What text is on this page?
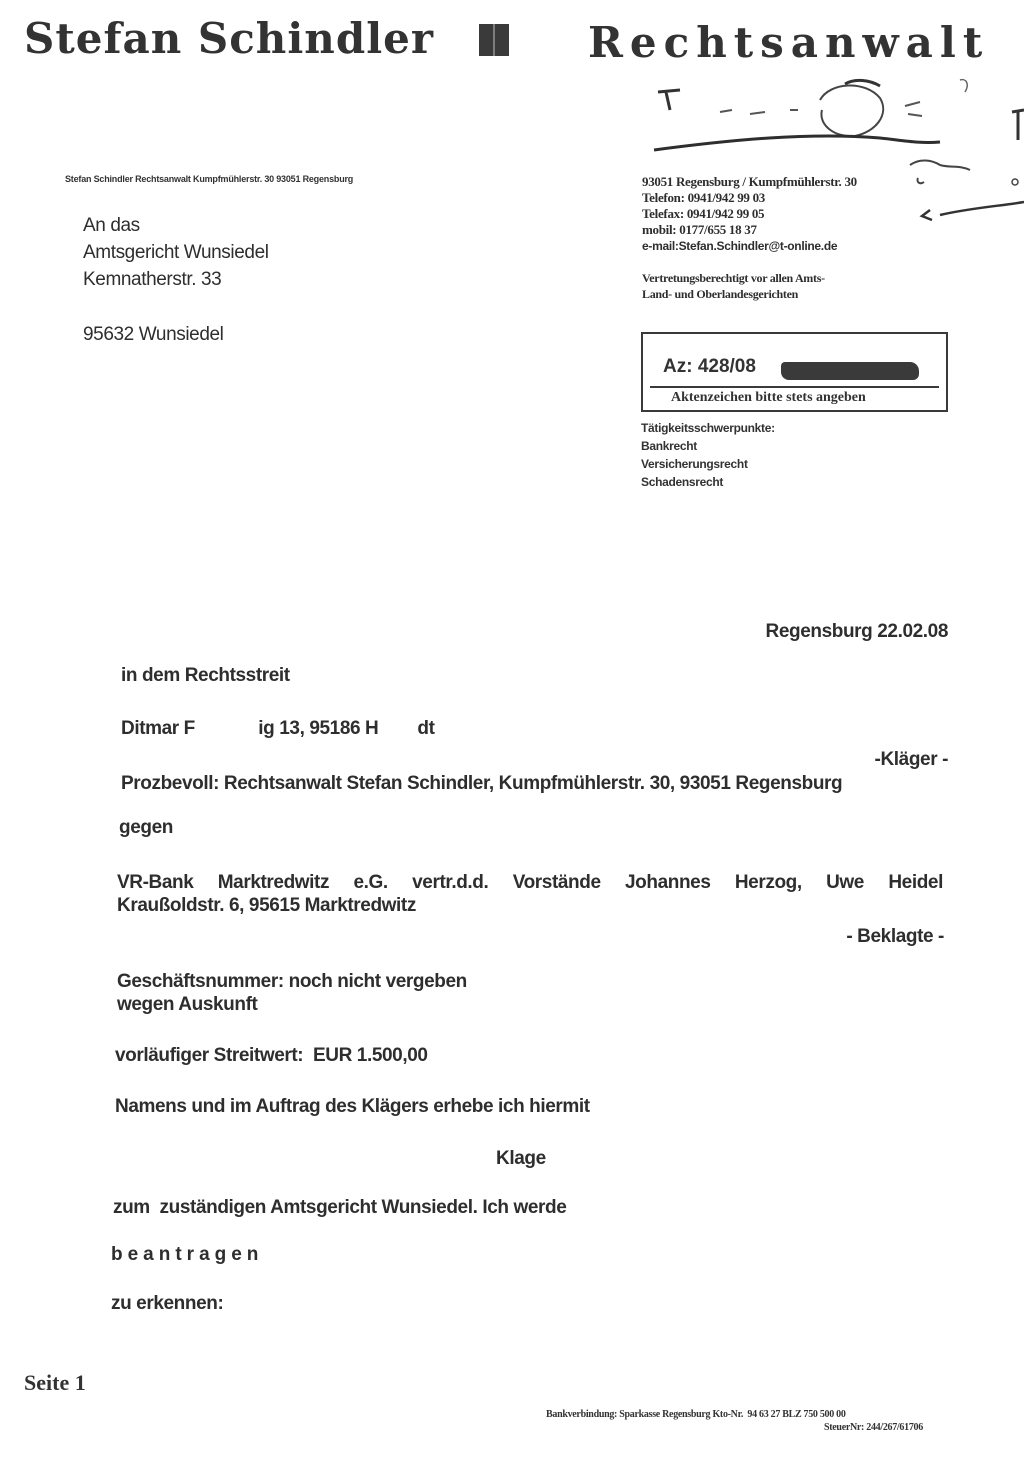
Stefan Schindler	Rechtsanwalt
Stefan Schindler Rechtsanwalt Kumpfmühlerstr. 30 93051 Regensburg
An das
Amtsgericht Wunsiedel
Kemnatherstr. 33
95632 Wunsiedel
93051 Regensburg / Kumpfmühlerstr. 30
Telefon: 0941/942 99 03
Telefax: 0941/942 99 05
mobil: 0177/655 18 37
e-mail:Stefan.Schindler@t-online.de
Vertretungsberechtigt vor allen Amts-
Land- und Oberlandesgerichten
Az: 428/08
Aktenzeichen bitte stets angeben
Tätigkeitsschwerpunkte:
Bankrecht
Versicherungsrecht
Schadensrecht
Regensburg 22.02.08
in dem Rechtsstreit
Ditmar F             ig 13, 95186 H        dt
-Kläger -
Prozbevoll: Rechtsanwalt Stefan Schindler, Kumpfmühlerstr. 30, 93051 Regensburg
gegen
VR-Bank Marktredwitz e.G. vertr.d.d. Vorstände Johannes Herzog, Uwe Heidel
Kraußoldstr. 6, 95615 Marktredwitz
- Beklagte -
Geschäftsnummer: noch nicht vergeben
wegen Auskunft
vorläufiger Streitwert:  EUR 1.500,00
Namens und im Auftrag des Klägers erhebe ich hiermit
Klage
zum  zuständigen Amtsgericht Wunsiedel. Ich werde
beantragen
zu erkennen:
Seite 1
Bankverbindung: Sparkasse Regensburg Kto-Nr.  94 63 27 BLZ 750 500 00
SteuerNr: 244/267/61706
